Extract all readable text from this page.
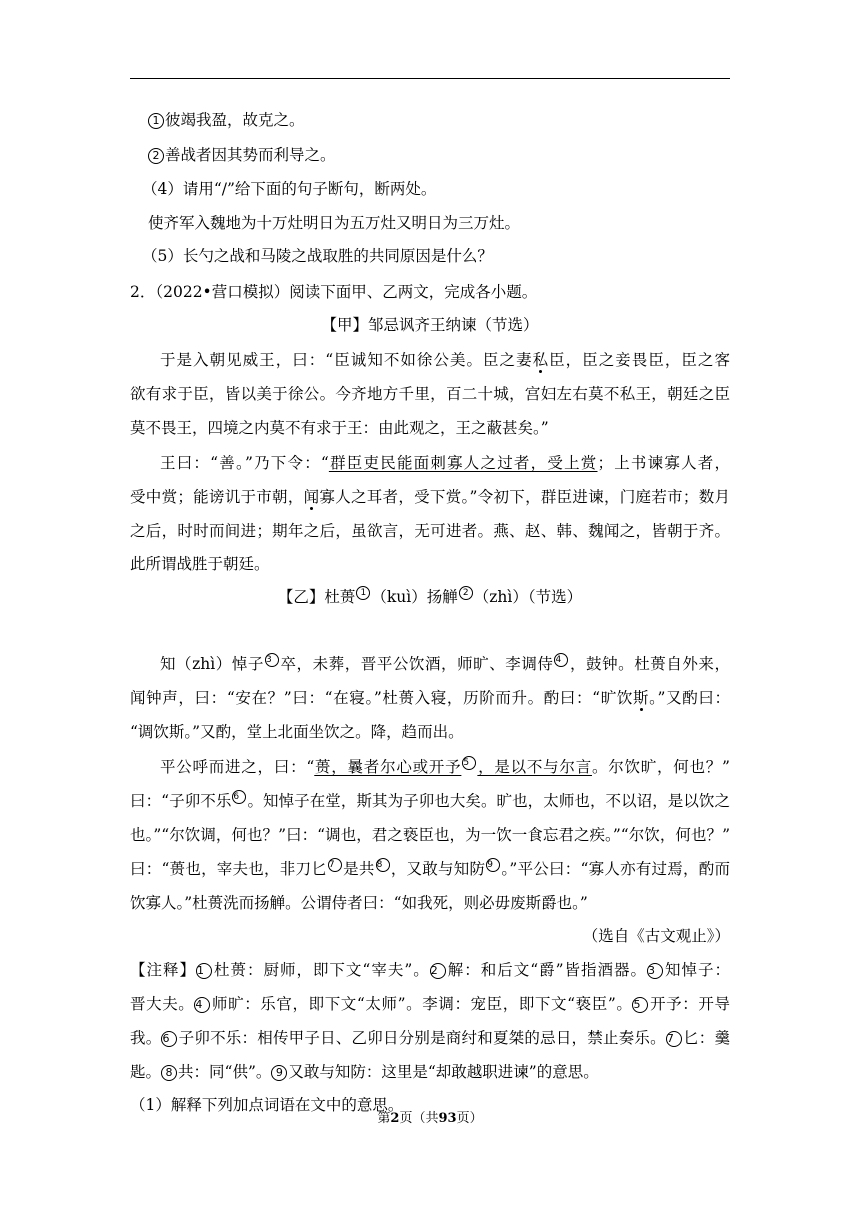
1 彼竭我盈，故克之。
2 善战者因其势而利导之。
（4）请用“/”给下面的句子断句，断两处。
使齐军入魏地为十万灶明日为五万灶又明日为三万灶。
（5）长勺之战和马陵之战取胜的共同原因是什么？
2．（2022•营口模拟）阅读下面甲、乙两文，完成各小题。
【甲】邹忌讽齐王纳谏（节选）
于是入朝见威王，曰：“臣诚知不如徐公美。臣之妻私臣，臣之妾畏臣，臣之客
欲有求于臣，皆以美于徐公。今齐地方千里，百二十城，宫妇左右莫不私王，朝廷之臣
莫不畏王，四境之内莫不有求于王：由此观之，王之蔽甚矣。”
王曰：“善。”乃下令：“群臣吏民能面刺寡人之过者，受上赏；上书谏寡人者，
受中赏；能谤讥于市朝，闻寡人之耳者，受下赏。”令初下，群臣进谏，门庭若市；数月
之后，时时而间进；期年之后，虽欲言，无可进者。燕、赵、韩、魏闻之，皆朝于齐。
此所谓战胜于朝廷。
【乙】杜蒉 1 （kuì）扬觯 2 （zhì）（节选）
知（zhì）悼子 3 卒，未葬，晋平公饮酒，师旷、李调侍 4 ，鼓钟。杜蒉自外来，
闻钟声，曰：“安在？”曰：“在寝。”杜蒉入寝，历阶而升。酌曰：“旷饮斯。”又酌曰：
“调饮斯。”又酌，堂上北面坐饮之。降，趋而出。
平公呼而进之，曰：“蒉，曩者尔心或开予 5 ，是以不与尔言。尔饮旷，何也？”
曰：“子卯不乐 6 。知悼子在堂，斯其为子卯也大矣。旷也，太师也，不以诏，是以饮之
也。”“尔饮调，何也？”曰：“调也，君之亵臣也，为一饮一食忘君之疾。”“尔饮，何也？”
曰：“蒉也，宰夫也，非刀匕 7 是共 8 ，又敢与知防 9 。”平公曰：“寡人亦有过焉，酌而
饮寡人。”杜蒉洗而扬觯。公谓侍者曰：“如我死，则必毋废斯爵也。”
（选自《古文观止》）
【注释】1 杜蒉：厨师，即下文“宰夫”。2 解：和后文“爵”皆指酒器。3 知悼子：
晋大夫。4 师旷：乐官，即下文“太师”。李调：宠臣，即下文“亵臣”。5 开予：开导
我。6 子卯不乐：相传甲子日、乙卯日分别是商纣和夏桀的忌日，禁止奏乐。7 匕：羹
匙。 8 共：同“供”。 9 又敢与知防：这里是“却敢越职进谏”的意思。
（1）解释下列加点词语在文中的意思。
第2页（共93页）
